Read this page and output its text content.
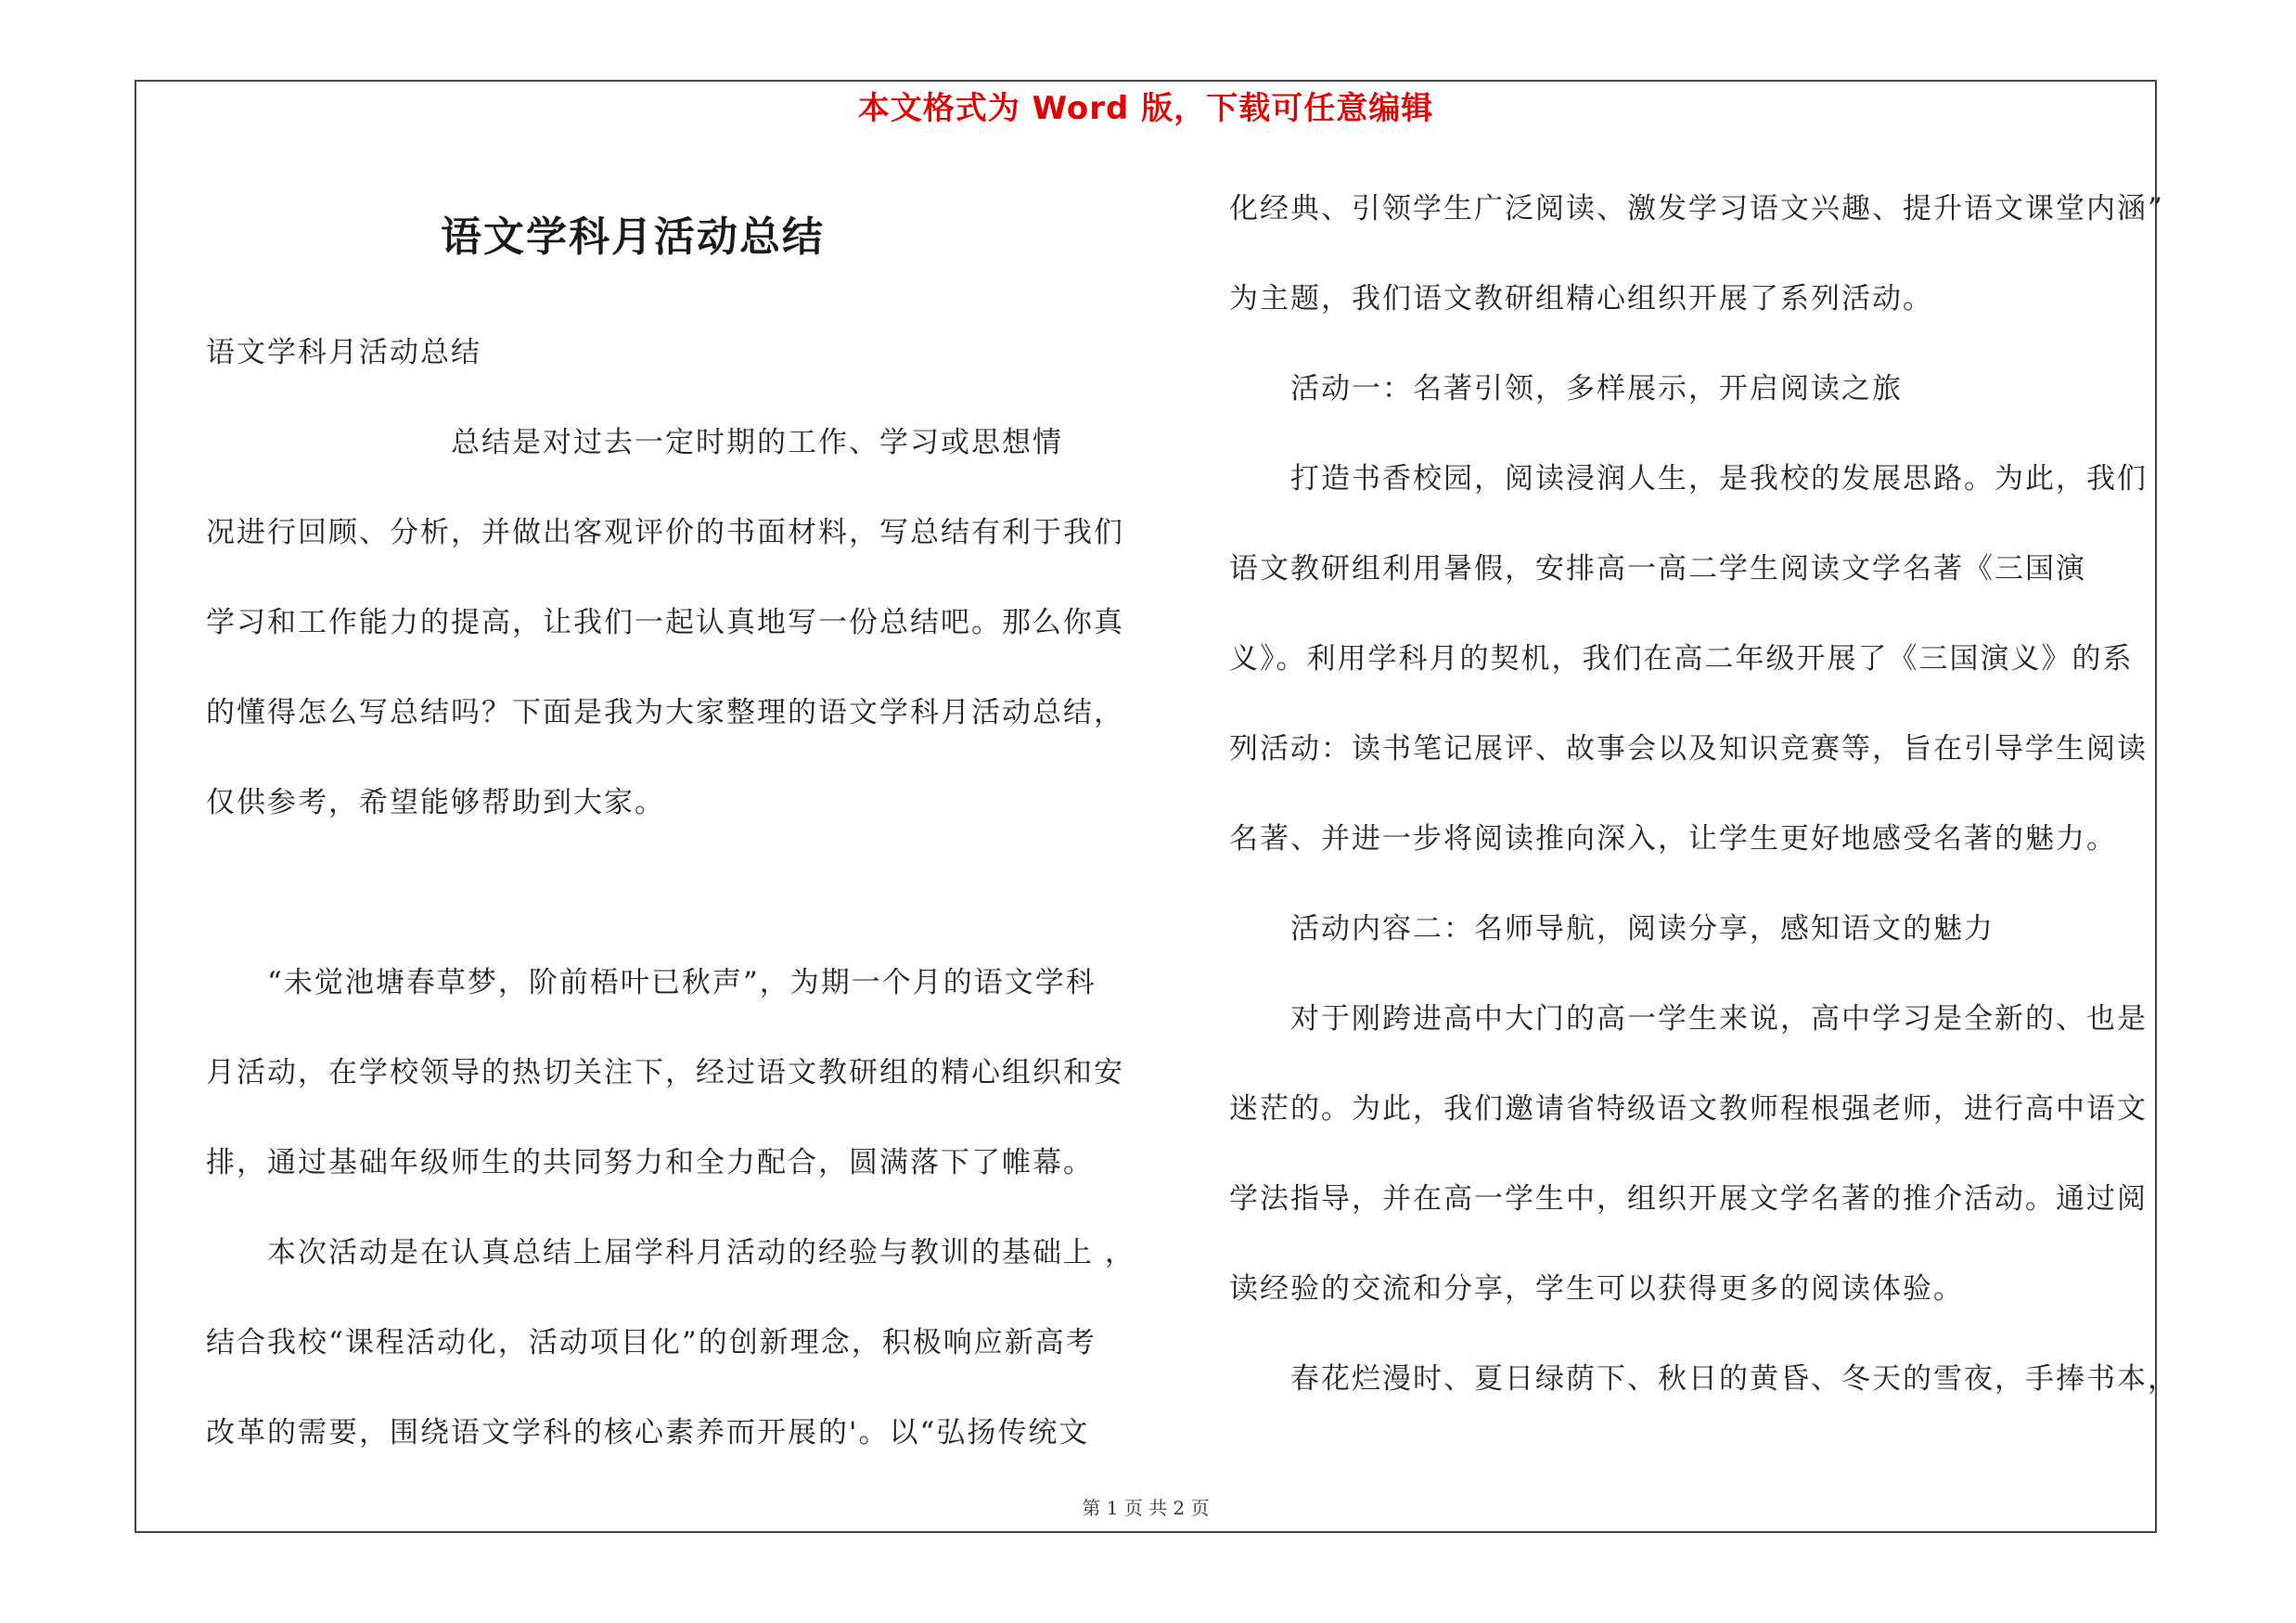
本文格式为 Word 版，下载可任意编辑
语文学科月活动总结
语文学科月活动总结
　　　　　　　　总结是对过去一定时期的工作、学习或思想情
况进行回顾、分析，并做出客观评价的书面材料，写总结有利于我们
学习和工作能力的提高，让我们一起认真地写一份总结吧。那么你真
的懂得怎么写总结吗？下面是我为大家整理的语文学科月活动总结，
仅供参考，希望能够帮助到大家。
　　“未觉池塘春草梦，阶前梧叶已秋声”，为期一个月的语文学科
月活动，在学校领导的热切关注下，经过语文教研组的精心组织和安
排，通过基础年级师生的共同努力和全力配合，圆满落下了帷幕。
　　本次活动是在认真总结上届学科月活动的经验与教训的基础上 ，
结合我校“课程活动化，活动项目化”的创新理念，积极响应新高考
改革的需要，围绕语文学科的核心素养而开展的'。以“弘扬传统文
化经典、引领学生广泛阅读、激发学习语文兴趣、提升语文课堂内涵”
为主题，我们语文教研组精心组织开展了系列活动。
　　活动一：名著引领，多样展示，开启阅读之旅
　　打造书香校园，阅读浸润人生，是我校的发展思路。为此，我们
语文教研组利用暑假，安排高一高二学生阅读文学名著《三国演
义》。利用学科月的契机，我们在高二年级开展了《三国演义》的系
列活动：读书笔记展评、故事会以及知识竞赛等，旨在引导学生阅读
名著、并进一步将阅读推向深入，让学生更好地感受名著的魅力。
　　活动内容二：名师导航，阅读分享，感知语文的魅力
　　对于刚跨进高中大门的高一学生来说，高中学习是全新的、也是
迷茫的。为此，我们邀请省特级语文教师程根强老师，进行高中语文
学法指导，并在高一学生中，组织开展文学名著的推介活动。通过阅
读经验的交流和分享，学生可以获得更多的阅读体验。
　　春花烂漫时、夏日绿荫下、秋日的黄昏、冬天的雪夜，手捧书本，
第 1 页 共 2 页
